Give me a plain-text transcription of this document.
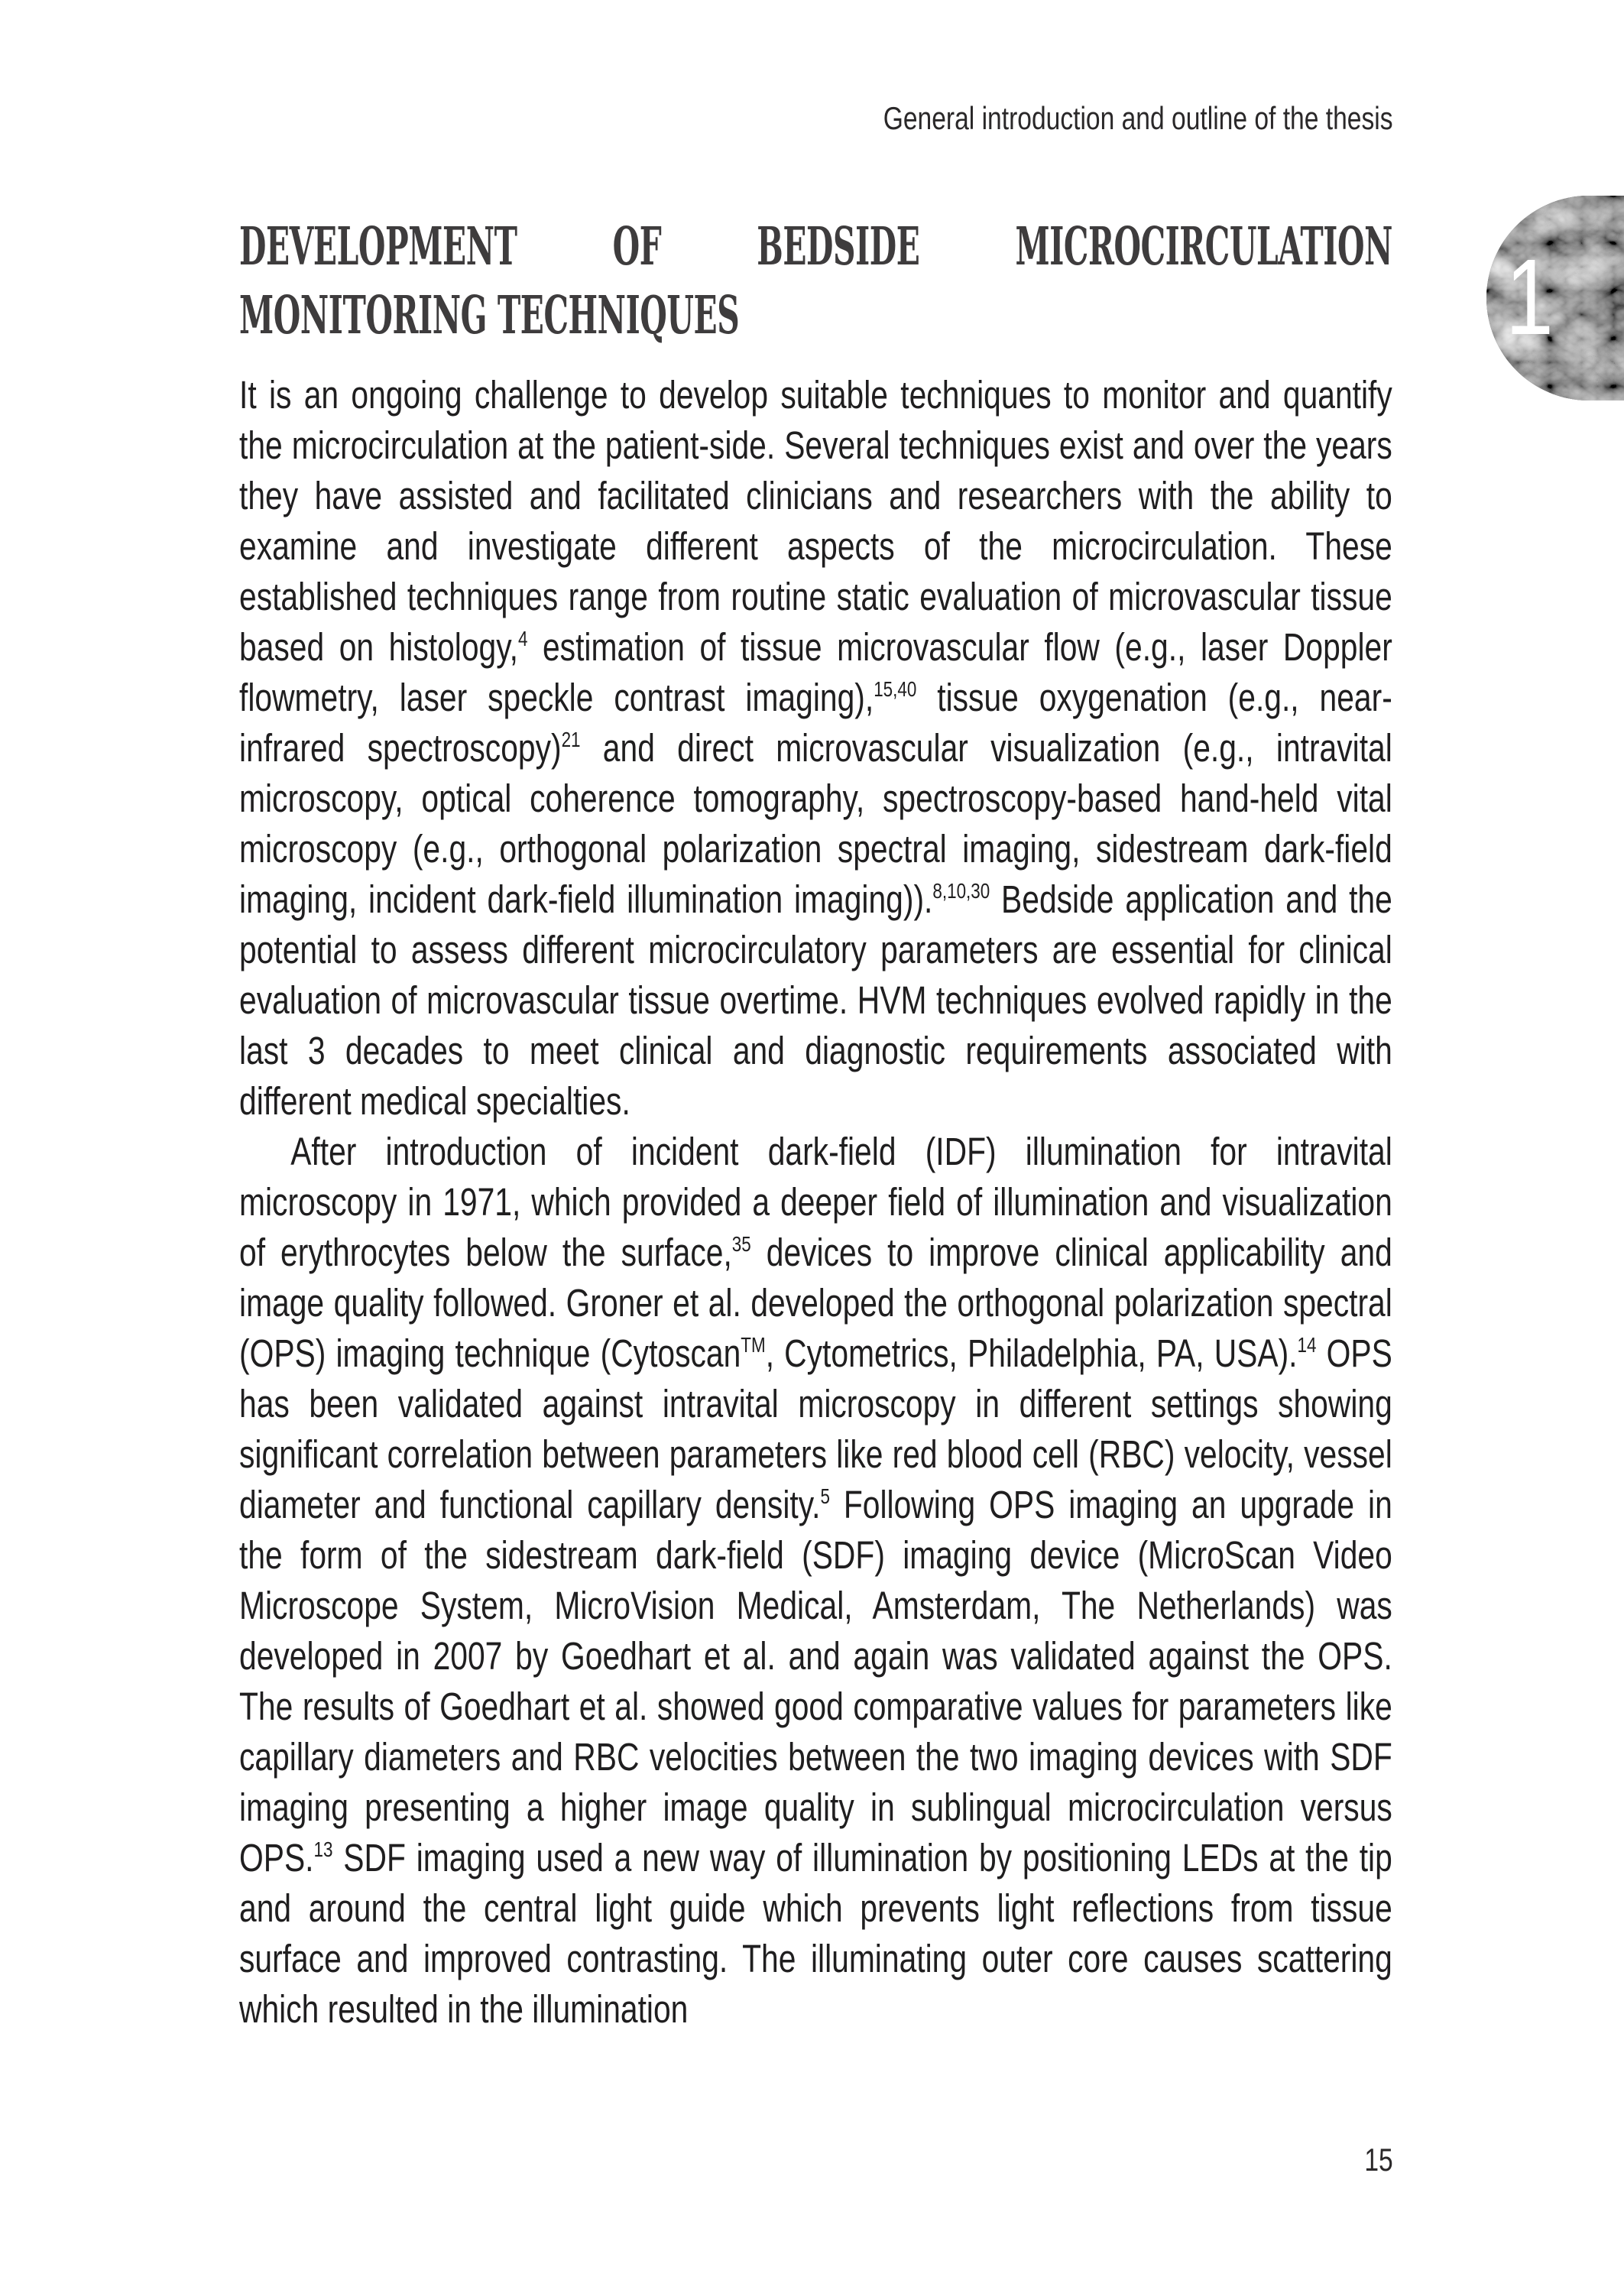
General introduction and outline of the thesis
1
DEVELOPMENT OF BEDSIDE MICROCIRCULATION MONITORING TECHNIQUES

It is an ongoing challenge to develop suitable techniques to monitor and quantify the microcirculation at the patient-side. Several techniques exist and over the years they have assisted and facilitated clinicians and researchers with the ability to examine and investigate different aspects of the microcirculation. These established techniques range from routine static evaluation of microvascular tissue based on histology,$^4$ estimation of tissue microvascular flow (e.g., laser Doppler flowmetry, laser speckle contrast imaging),$^{15,40}$ tissue oxygenation (e.g., near-infrared spectroscopy)$^{21}$ and direct microvascular visualization (e.g., intravital microscopy, optical coherence tomography, spectroscopy-based hand-held vital microscopy (e.g., orthogonal polarization spectral imaging, sidestream dark-field imaging, incident dark-field illumination imaging)).$^{8,10,30}$ Bedside application and the potential to assess different microcirculatory parameters are essential for clinical evaluation of microvascular tissue overtime. HVM techniques evolved rapidly in the last 3 decades to meet clinical and diagnostic requirements associated with different medical specialties.

After introduction of incident dark-field (IDF) illumination for intravital microscopy in 1971, which provided a deeper field of illumination and visualization of erythrocytes below the surface,$^{35}$ devices to improve clinical applicability and image quality followed. Groner et al. developed the orthogonal polarization spectral (OPS) imaging technique (Cytoscan™, Cytometrics, Philadelphia, PA, USA).$^{14}$ OPS has been validated against intravital microscopy in different settings showing significant correlation between parameters like red blood cell (RBC) velocity, vessel diameter and functional capillary density.$^5$ Following OPS imaging an upgrade in the form of the sidestream dark-field (SDF) imaging device (MicroScan Video Microscope System, MicroVision Medical, Amsterdam, The Netherlands) was developed in 2007 by Goedhart et al. and again was validated against the OPS. The results of Goedhart et al. showed good comparative values for parameters like capillary diameters and RBC velocities between the two imaging devices with SDF imaging presenting a higher image quality in sublingual microcirculation versus OPS.$^{13}$ SDF imaging used a new way of illumination by positioning LEDs at the tip and around the central light guide which prevents light reflections from tissue surface and improved contrasting. The illuminating outer core causes scattering which resulted in the illumination

15
